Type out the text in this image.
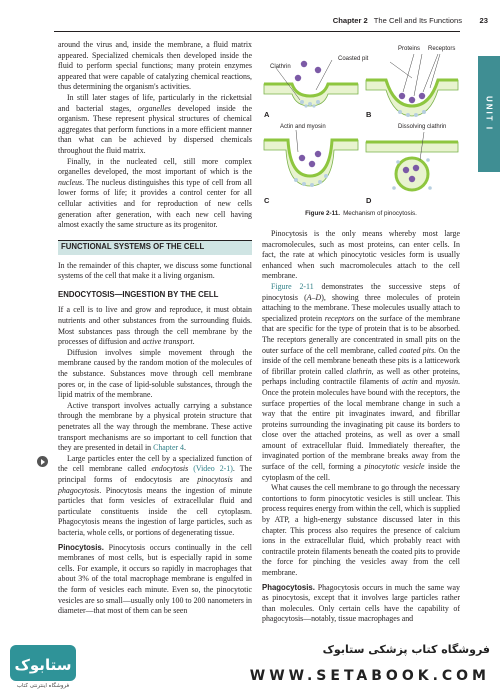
Chapter 2 The Cell and Its Functions 23
UNIT I

around the virus and, inside the membrane, a fluid matrix appeared. Specialized chemicals then developed inside the fluid to perform special functions; many protein enzymes appeared that were capable of catalyzing chemical reactions, thus determining the organism's activities.

In still later stages of life, particularly in the rickettsial and bacterial stages, organelles developed inside the organism. These represent physical structures of chemical aggregates that perform functions in a more efficient manner than what can be achieved by dispersed chemicals throughout the fluid matrix.

Finally, in the nucleated cell, still more complex organelles developed, the most important of which is the nucleus. The nucleus distinguishes this type of cell from all lower forms of life; it provides a control center for all cellular activities and for reproduction of new cells generation after generation, with each new cell having almost exactly the same structure as its progenitor.

FUNCTIONAL SYSTEMS OF THE CELL

In the remainder of this chapter, we discuss some functional systems of the cell that make it a living organism.

ENDOCYTOSIS—INGESTION BY THE CELL

If a cell is to live and grow and reproduce, it must obtain nutrients and other substances from the surrounding fluids. Most substances pass through the cell membrane by the processes of diffusion and active transport.

Diffusion involves simple movement through the membrane caused by the random motion of the molecules of the substance. Substances move through cell membrane pores or, in the case of lipid-soluble substances, through the lipid matrix of the membrane.

Active transport involves actually carrying a substance through the membrane by a physical protein structure that penetrates all the way through the membrane. These active transport mechanisms are so important to cell function that they are presented in detail in Chapter 4.

Large particles enter the cell by a specialized function of the cell membrane called endocytosis (Video 2-1). The principal forms of endocytosis are pinocytosis and phagocytosis. Pinocytosis means the ingestion of minute particles that form vesicles of extracellular fluid and particulate constituents inside the cell cytoplasm. Phagocytosis means the ingestion of large particles, such as bacteria, whole cells, or portions of degenerating tissue.

Pinocytosis. Pinocytosis occurs continually in the cell membranes of most cells, but is especially rapid in some cells. For example, it occurs so rapidly in macrophages that about 3% of the total macrophage membrane is engulfed in the form of vesicles each minute. Even so, the pinocytotic vesicles are so small—usually only 100 to 200 nanometers in diameter—that most of them can be seen

Clathrin
Coasted pit
Proteins Receptors
Actin and myosin	Dissolving clathrin
A	B
C	D
Figure 2-11. Mechanism of pinocytosis.

Pinocytosis is the only means whereby most large macromolecules, such as most proteins, can enter cells. In fact, the rate at which pinocytotic vesicles form is usually enhanced when such macromolecules attach to the cell membrane.

Figure 2-11 demonstrates the successive steps of pinocytosis (A–D), showing three molecules of protein attaching to the membrane. These molecules usually attach to specialized protein receptors on the surface of the membrane that are specific for the type of protein that is to be absorbed. The receptors generally are concentrated in small pits on the outer surface of the cell membrane, called coated pits. On the inside of the cell membrane beneath these pits is a latticework of fibrillar protein called clathrin, as well as other proteins, perhaps including contractile filaments of actin and myosin. Once the protein molecules have bound with the receptors, the surface properties of the local membrane change in such a way that the entire pit invaginates inward, and fibrillar proteins surrounding the invaginating pit cause its borders to close over the attached proteins, as well as over a small amount of extracellular fluid. Immediately thereafter, the invaginated portion of the membrane breaks away from the surface of the cell, forming a pinocytotic vesicle inside the cytoplasm of the cell.

What causes the cell membrane to go through the necessary contortions to form pinocytotic vesicles is still unclear. This process requires energy from within the cell, which is supplied by ATP, a high-energy substance discussed later in this chapter. This process also requires the presence of calcium ions in the extracellular fluid, which probably react with contractile protein filaments beneath the coated pits to provide the force for pinching the vesicles away from the cell membrane.

Phagocytosis. Phagocytosis occurs in much the same way as pinocytosis, except that it involves large particles rather than molecules. Only certain cells have the capability of phagocytosis—notably, tissue macrophages and

ستابوک
فروشگاه اینترنتی کتاب
فروشگاه کتاب پزشکی ستابوک
WWW.SETABOOK.COM
